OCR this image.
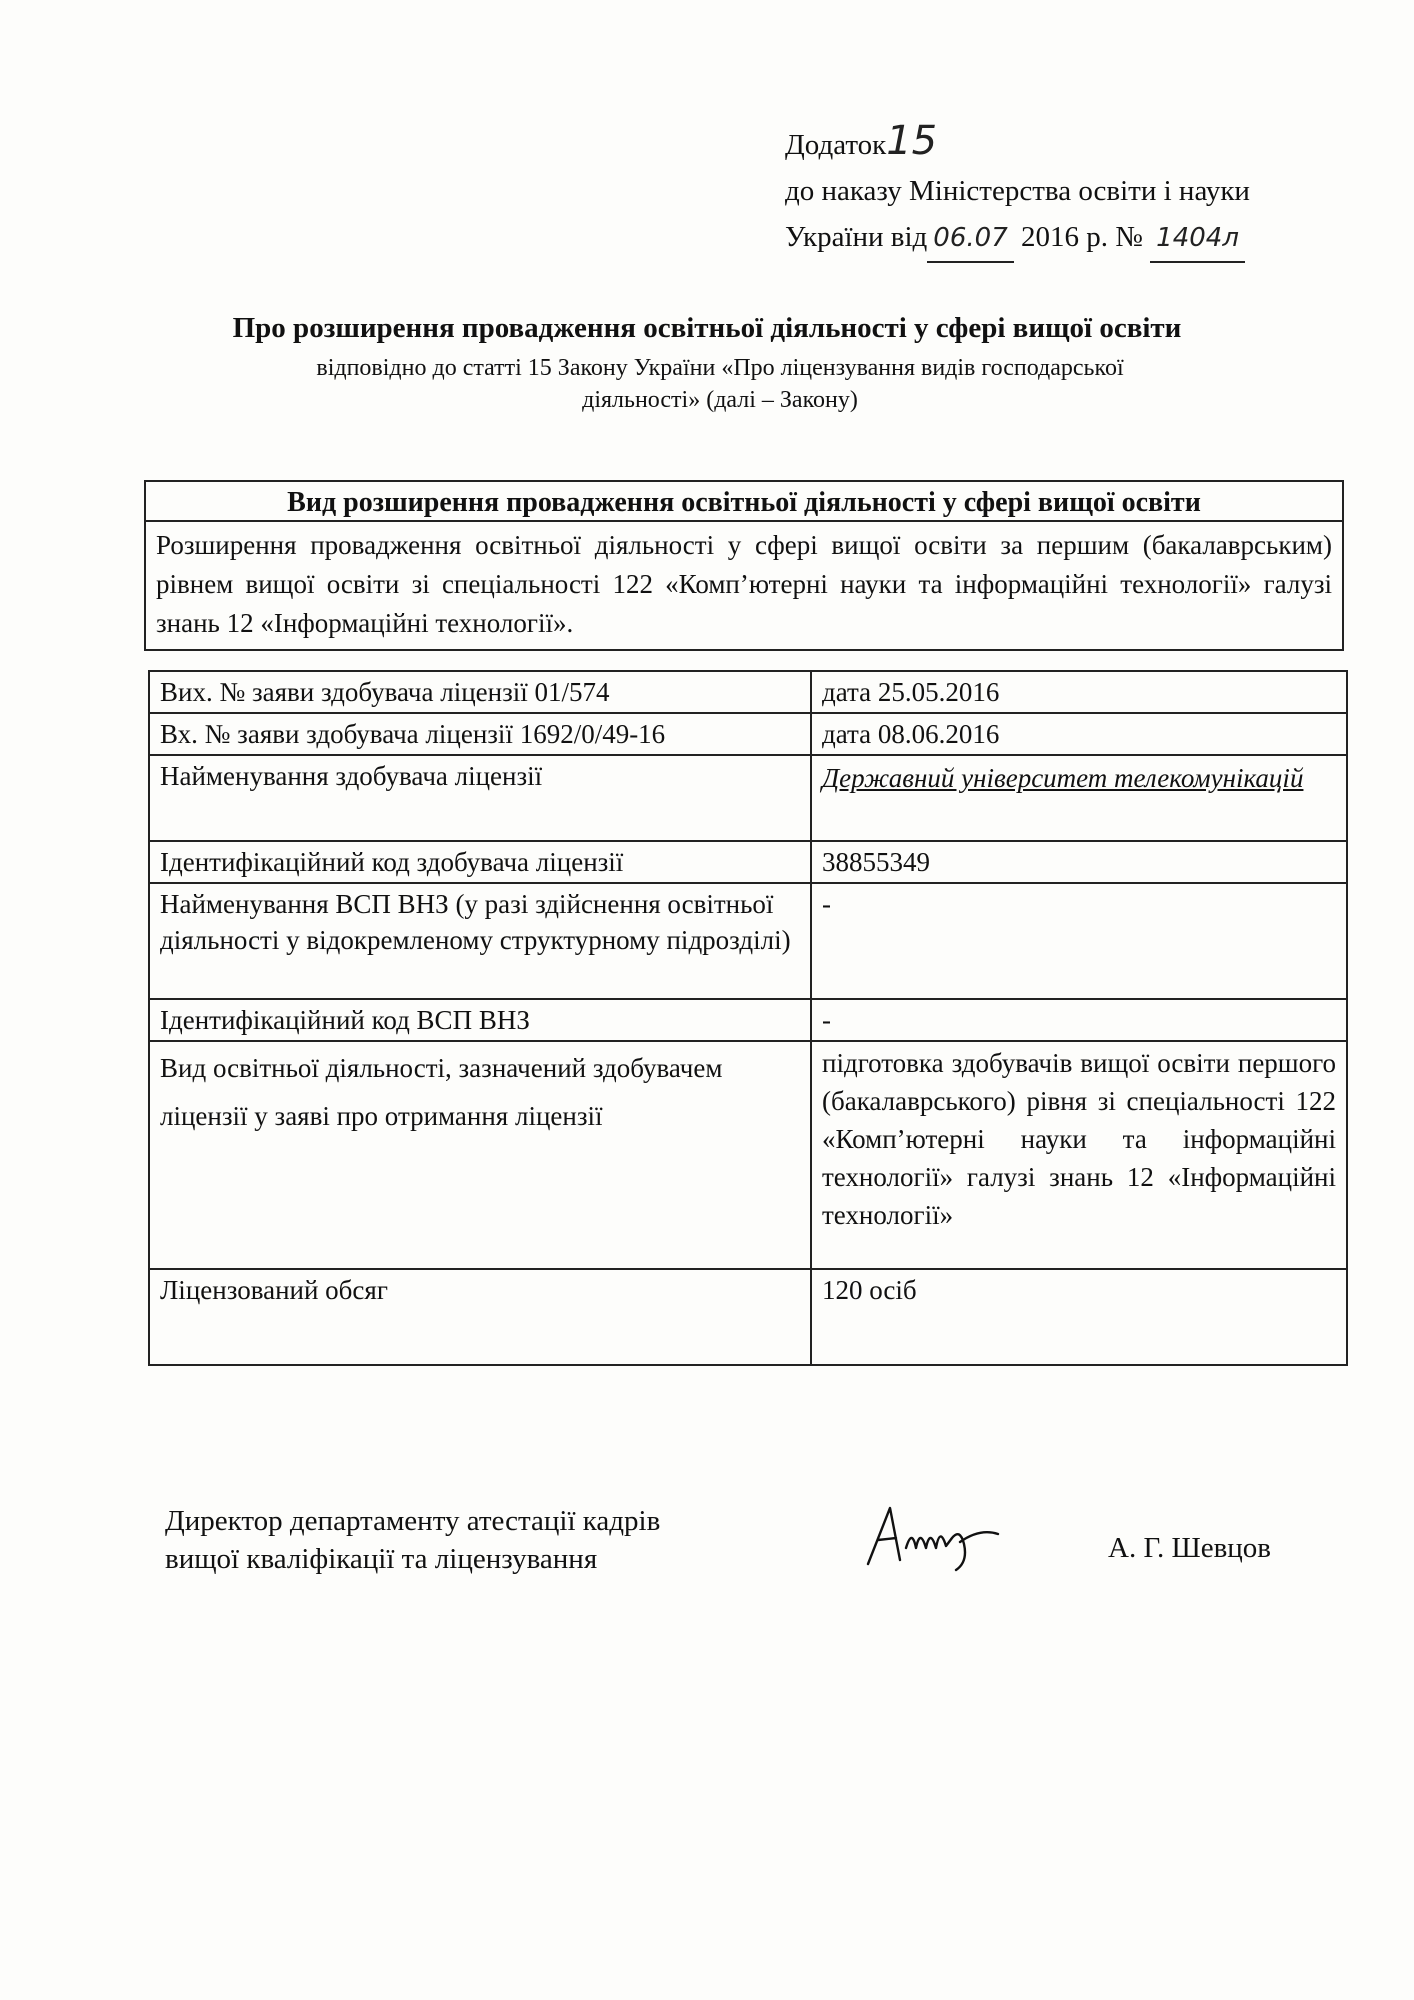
Додаток15
до наказу Міністерства освіти і науки
України від 06.07 2016 р. № 1404л
Про розширення провадження освітньої діяльності у сфері вищої освіти
відповідно до статті 15 Закону України «Про ліцензування видів господарської
діяльності» (далі – Закону)
Вид розширення провадження освітньої діяльності у сфері вищої освіти
Розширення провадження освітньої діяльності у сфері вищої освіти за першим (бакалаврським) рівнем вищої освіти зі спеціальності 122 «Комп’ютерні науки та інформаційні технології» галузі знань 12 «Інформаційні технології».
Вих. № заяви здобувача ліцензії 01/574	дата 25.05.2016
Вх. № заяви здобувача ліцензії 1692/0/49-16	дата 08.06.2016
Найменування здобувача ліцензії	Державний університет телекомунікацій
Ідентифікаційний код здобувача ліцензії	38855349
Найменування ВСП ВНЗ (у разі здійснення освітньої діяльності у відокремленому структурному підрозділі)	-
Ідентифікаційний код ВСП ВНЗ	-
Вид освітньої діяльності, зазначений здобувачем ліцензії у заяві про отримання ліцензії	підготовка здобувачів вищої освіти першого (бакалаврського) рівня зі спеціальності 122 «Комп’ютерні науки та інформаційні технології» галузі знань 12 «Інформаційні технології»
Ліцензований обсяг	120 осіб
Директор департаменту атестації кадрів
вищої кваліфікації та ліцензування	А. Г. Шевцов
